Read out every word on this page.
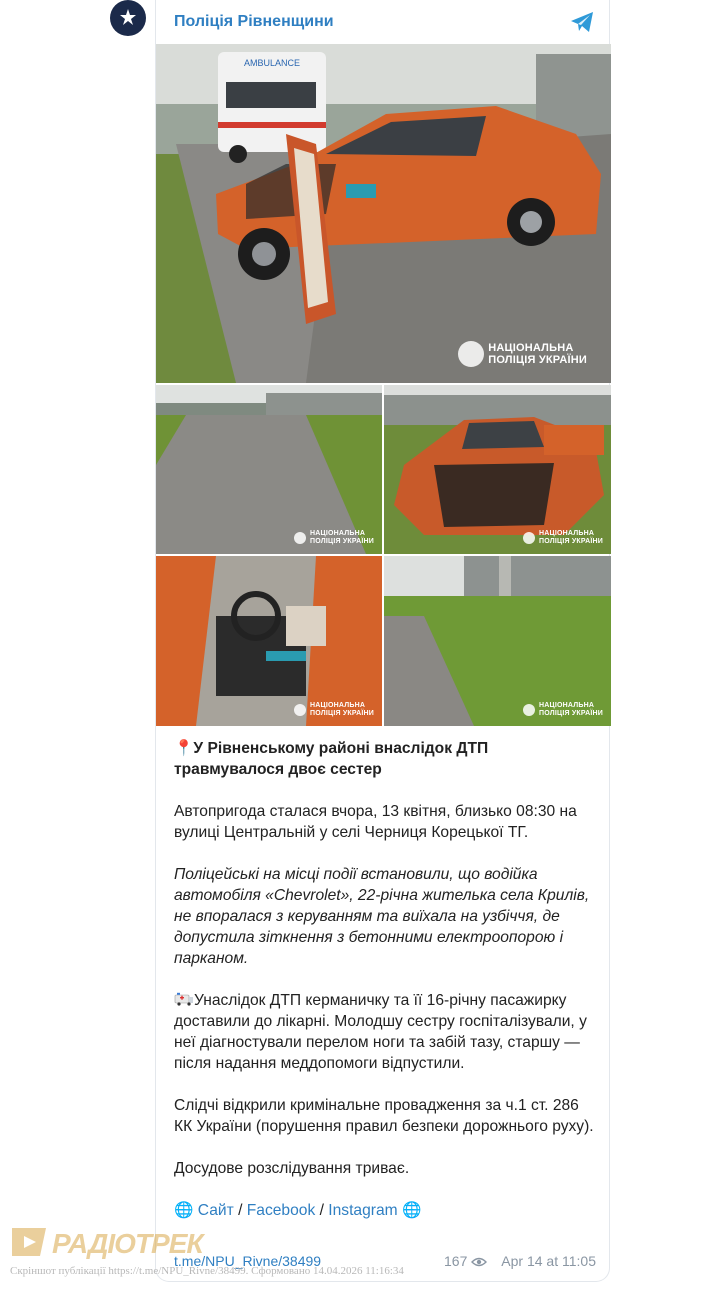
Поліція Рівненщини
AMBULANCE
НАЦІОНАЛЬНА
ПОЛІЦІЯ УКРАЇНИ
НАЦІОНАЛЬНА
ПОЛІЦІЯ УКРАЇНИ
НАЦІОНАЛЬНА
ПОЛІЦІЯ УКРАЇНИ
НАЦІОНАЛЬНА
ПОЛІЦІЯ УКРАЇНИ
НАЦІОНАЛЬНА
ПОЛІЦІЯ УКРАЇНИ

📍У Рівненському районі внаслідок ДТП травмувалося двоє сестер

Автопригода сталася вчора, 13 квітня, близько 08:30 на вулиці Центральній у селі Черниця Корецької ТГ.

Поліцейські на місці події встановили, що водійка автомобіля «Chevrolet», 22-річна жителька села Крилів, не впоралася з керуванням та виїхала на узбіччя, де допустила зіткнення з бетонними електроопорою і парканом.

Унаслідок ДТП керманичку та її 16-річну пасажирку доставили до лікарні. Молодшу сестру госпіталізували, у неї діагностували перелом ноги та забій тазу, старшу — після надання меддопомоги відпустили.

Слідчі відкрили кримінальне провадження за ч.1 ст. 286 КК України (порушення правил безпеки дорожнього руху).

Досудове розслідування триває.

🌐 Сайт / Facebook / Instagram 🌐

t.me/NPU_Rivne/38499	167 Apr 14 at 11:05
РАДІОТРЕК
Скріншот публікації https://t.me/NPU_Rivne/38499. Сформовано 14.04.2026 11:16:34
